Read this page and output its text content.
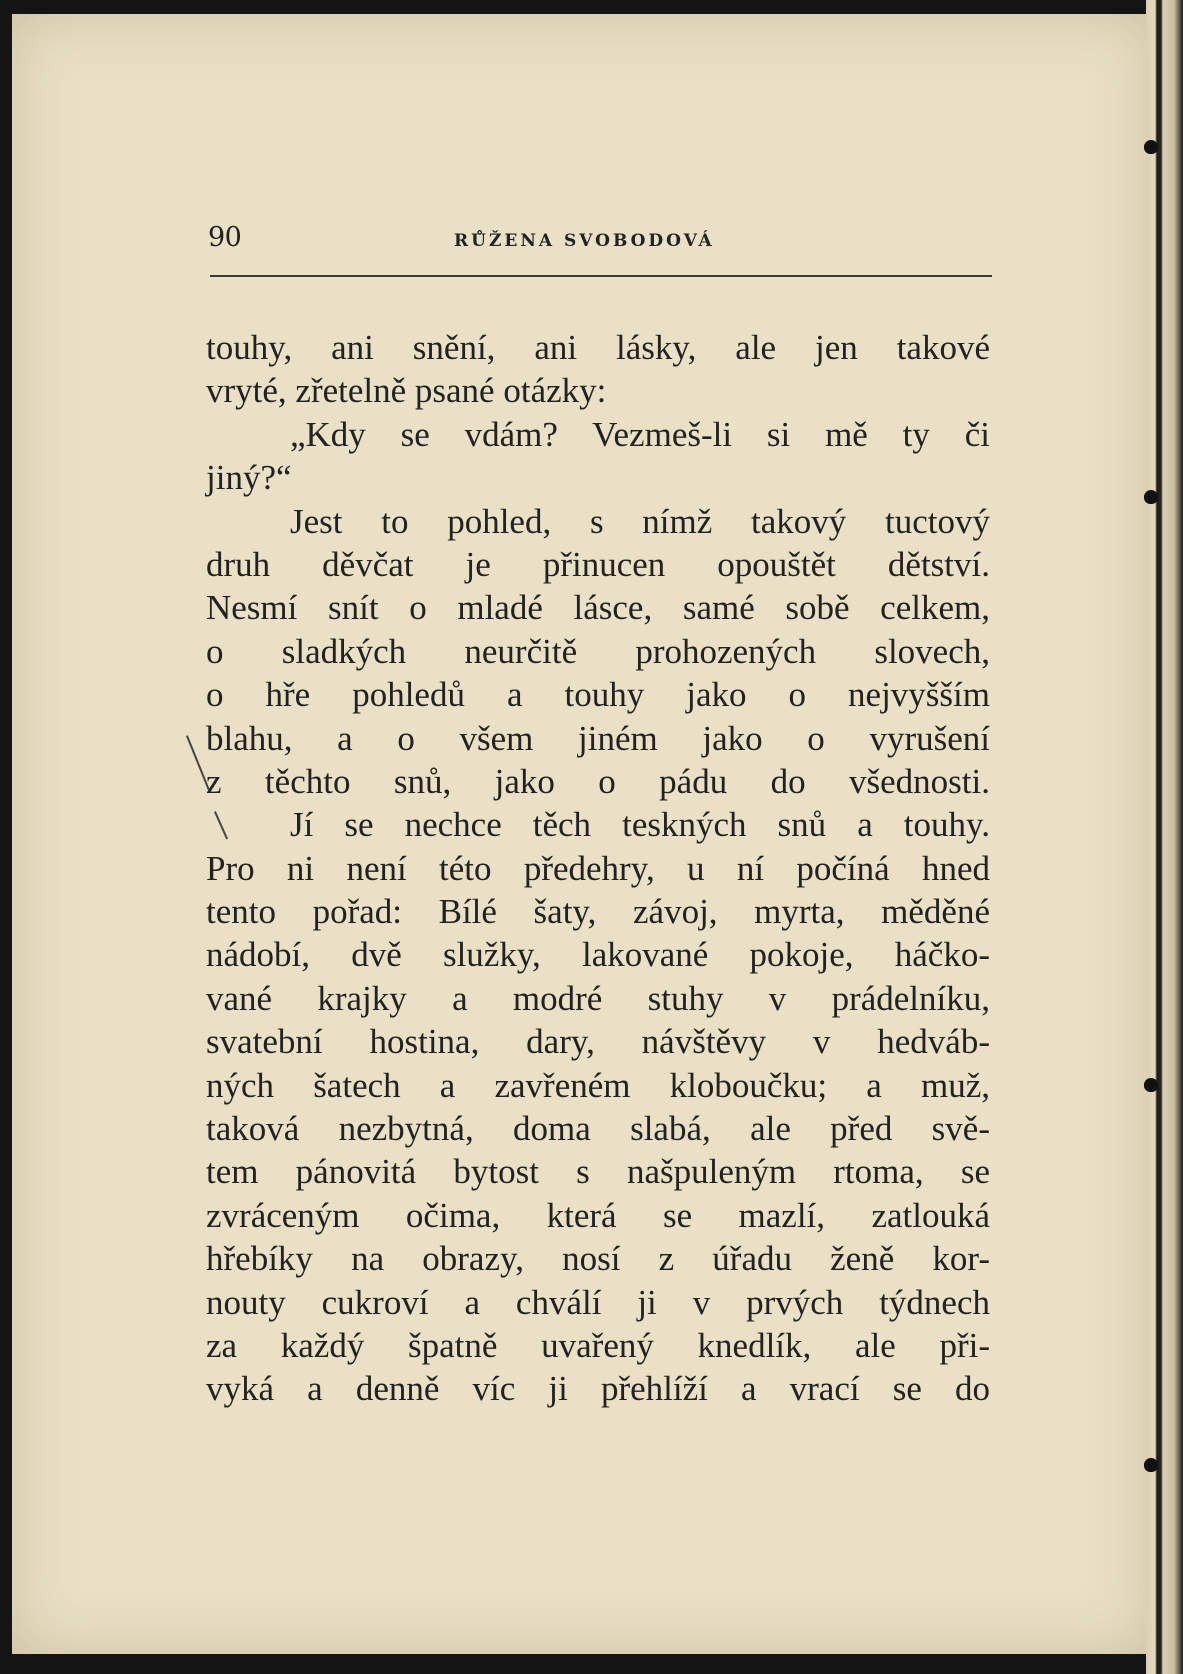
90	RŮŽENA SVOBODOVÁ
touhy, ani snění, ani lásky, ale jen takové
vryté, zřetelně psané otázky:
„Kdy se vdám? Vezmeš-li si mě ty či
jiný?“
Jest to pohled, s nímž takový tuctový
druh děvčat je přinucen opouštět dětství.
Nesmí snít o mladé lásce, samé sobě celkem,
o sladkých neurčitě prohozených slovech,
o hře pohledů a touhy jako o nejvyšším
blahu, a o všem jiném jako o vyrušení
z těchto snů, jako o pádu do všednosti.
Jí se nechce těch teskných snů a touhy.
Pro ni není této předehry, u ní počíná hned
tento pořad: Bílé šaty, závoj, myrta, měděné
nádobí, dvě služky, lakované pokoje, háčko-
vané krajky a modré stuhy v prádelníku,
svatební hostina, dary, návštěvy v hedváb-
ných šatech a zavřeném kloboučku; a muž,
taková nezbytná, doma slabá, ale před svě-
tem pánovitá bytost s našpuleným rtoma, se
zvráceným očima, která se mazlí, zatlouká
hřebíky na obrazy, nosí z úřadu ženě kor-
nouty cukroví a chválí ji v prvých týdnech
za každý špatně uvařený knedlík, ale při-
vyká a denně víc ji přehlíží a vrací se do
